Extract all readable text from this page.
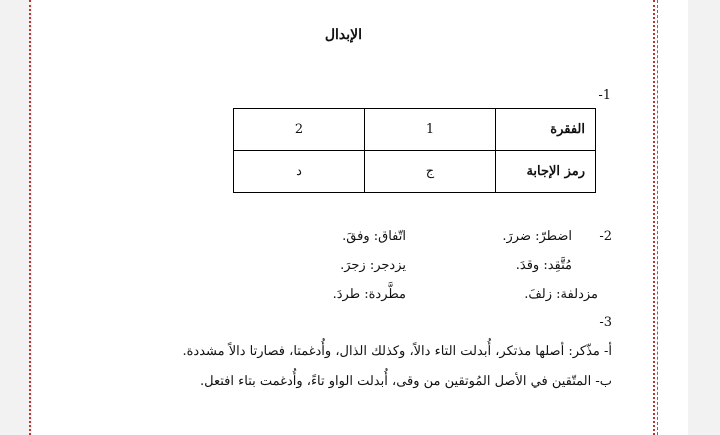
الإبدال
1-
الفقرة	1	2
رمز الإجابة	ج	د
2-
اضطرّ: ضررَ.
اتّفاق: وفقَ.
مُتَّقِد: وقدَ.
يزدجر: زجرَ.
مزدلفة: زلفَ.
مطَّردة: طردَ.
3-
أ- مذّكر: أصلها مذتكر، أُبدلت التاء دالاً، وكذلك الذال، وأُدغمتا، فصارتا دالاً مشددة.
ب- المتّقين في الأصل المُوتقين من وقى، أُبدلت الواو تاءً، وأُدغمت بتاء افتعل.
